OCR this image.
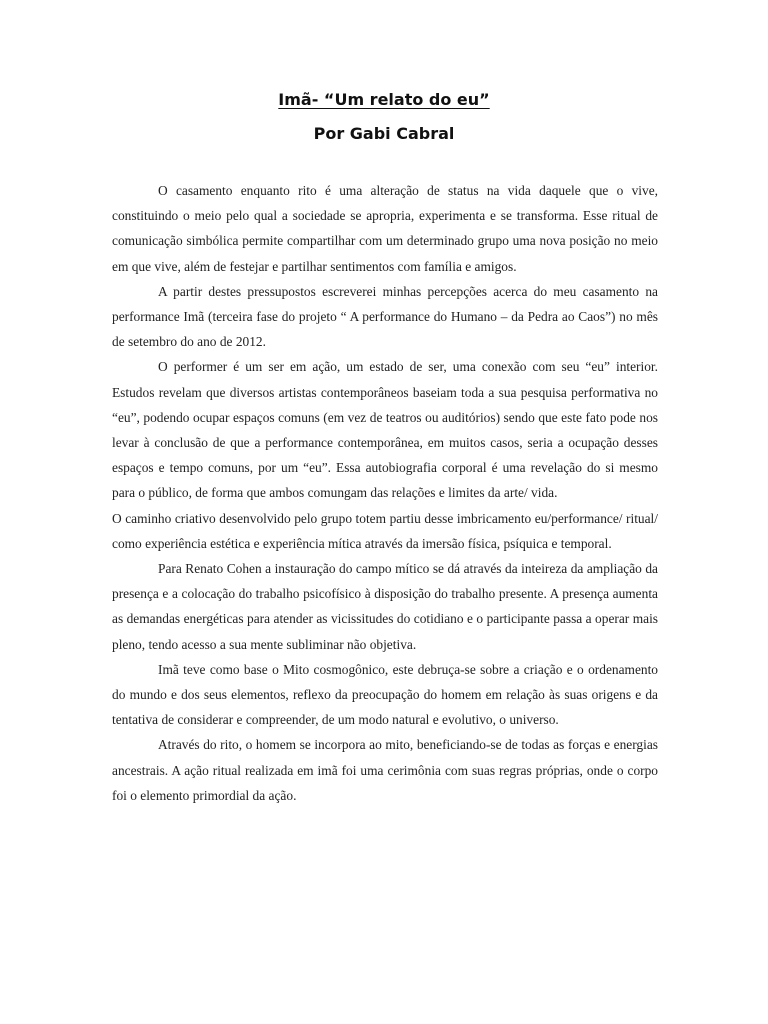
Imã- “Um relato do eu”
Por Gabi Cabral

O casamento enquanto rito é uma alteração de status na vida daquele que o vive, constituindo o meio pelo qual a sociedade se apropria, experimenta e se transforma. Esse ritual de comunicação simbólica permite compartilhar com um determinado grupo uma nova posição no meio em que vive, além de festejar e partilhar sentimentos com família e amigos.

A partir destes pressupostos escreverei minhas percepções acerca do meu casamento na performance Imã (terceira fase do projeto “ A performance do Humano – da Pedra ao Caos”) no mês de setembro do ano de 2012.

O performer é um ser em ação, um estado de ser, uma conexão com seu “eu” interior. Estudos revelam que diversos artistas contemporâneos baseiam toda a sua pesquisa performativa no “eu”, podendo ocupar espaços comuns (em vez de teatros ou auditórios) sendo que este fato pode nos levar à conclusão de que a performance contemporânea, em muitos casos, seria a ocupação desses espaços e tempo comuns, por um “eu”. Essa autobiografia corporal é uma revelação do si mesmo para o público, de forma que ambos comungam das relações e limites da arte/ vida.

O caminho criativo desenvolvido pelo grupo totem partiu desse imbricamento eu/performance/ ritual/ como experiência estética e experiência mítica através da imersão física, psíquica e temporal.

Para Renato Cohen a instauração do campo mítico se dá através da inteireza da ampliação da presença e a colocação do trabalho psicofísico à disposição do trabalho presente. A presença aumenta as demandas energéticas para atender as vicissitudes do cotidiano e o participante passa a operar mais pleno, tendo acesso a sua mente subliminar não objetiva.

Imã teve como base o Mito cosmogônico, este debruça-se sobre a criação e o ordenamento do mundo e dos seus elementos, reflexo da preocupação do homem em relação às suas origens e da tentativa de considerar e compreender, de um modo natural e evolutivo, o universo.

Através do rito, o homem se incorpora ao mito, beneficiando-se de todas as forças e energias ancestrais. A ação ritual realizada em imã foi uma cerimônia com suas regras próprias, onde o corpo foi o elemento primordial da ação.
